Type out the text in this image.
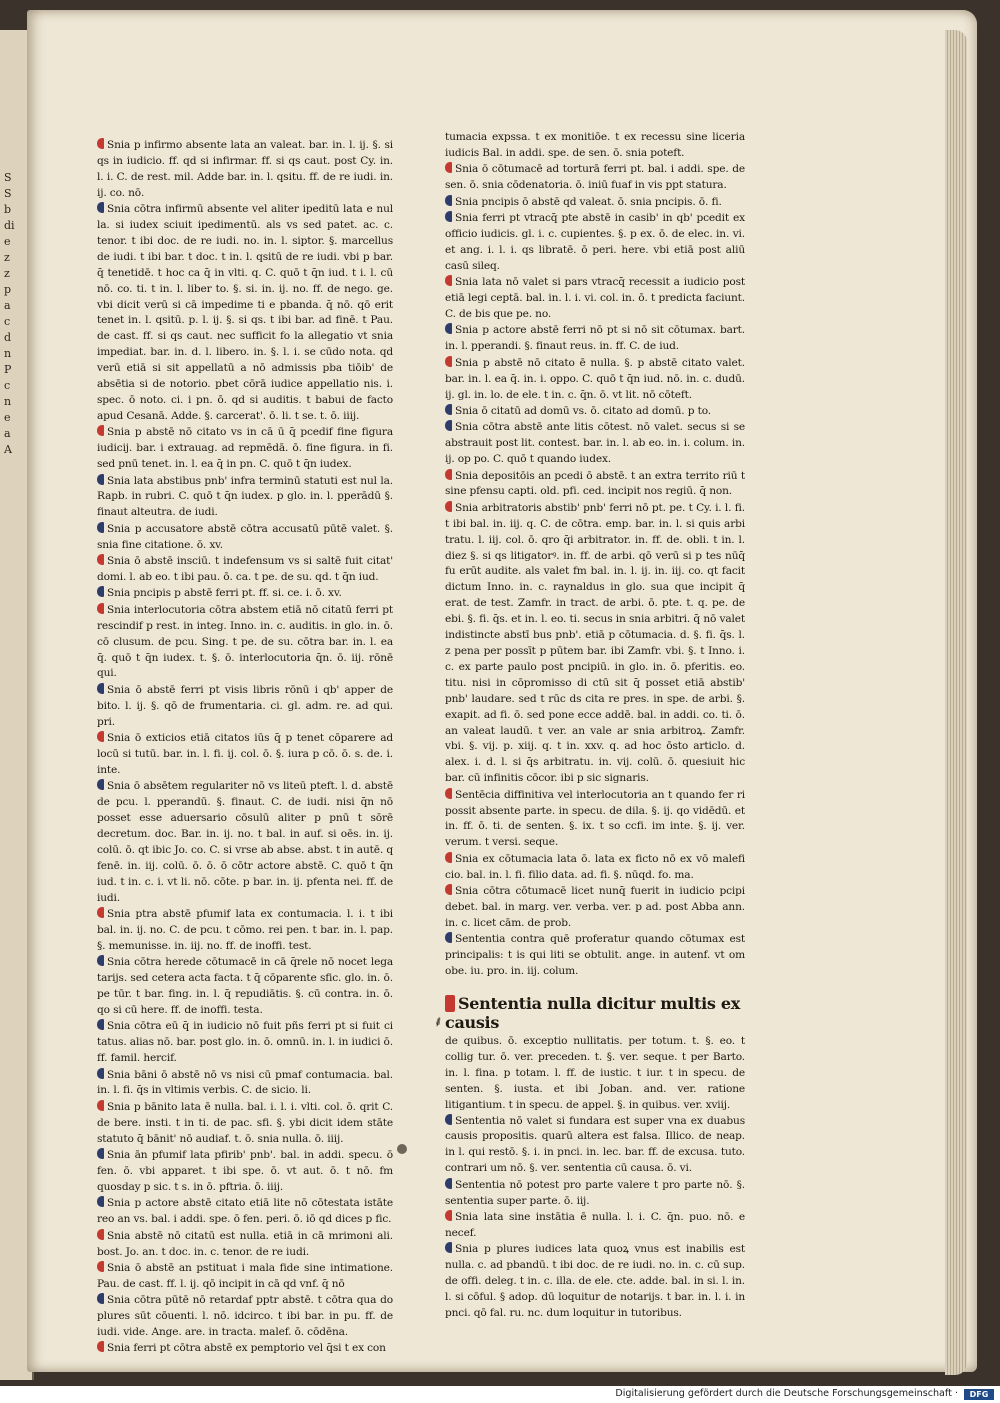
S
S
b
di
e
z
z
p
a
c
d
n
P
c
n
e
a
A

Snia p infirmo absente lata an valeat. bar. in. l. ij. §. si qs in iudicio. ff. qd si infirmar. ff. si qs caut. post Cy. in. l. i. C. de rest. mil. Adde bar. in. l. qsitu. ff. de re iudi. in. ij. co. nō.

Snia cōtra infirmū absente vel aliter ipeditū lata e nul la. si iudex sciuit ipedimentū. als vs sed patet. ac. c. tenor. t ibi doc. de re iudi. no. in. l. siptor. §. marcellus de iudi. t ibi bar. t doc. t in. l. qsitū de re iudi. vbi p bar. q̄ tenetidē. t hoc ca q̄ in vlti. q. C. quō t q̄n iud. t i. l. cū nō. co. ti. t in. l. liber to. §. si. in. ij. no. ff. de nego. ge. vbi dicit verū si cā impedime ti e pbanda. q̄ nō. qō erit tenet in. l. qsitū. p. l. ij. §. si qs. t ibi bar. ad finē. t Pau. de cast. ff. si qs caut. nec sufficit fo la allegatio vt snia impediat. bar. in. d. l. libero. in. §. l. i. se cūdo nota. qd verū etiā si sit appellatū a nō admissis pba tiōib' de absētia si de notorio. pbet cōrā iudice appellatio nis. i. spec. ō noto. ci. i pn. ō. qd si auditis. t babui de facto apud Cesanā. Adde. §. carcerat'. ō. li. t se. t. ō. iiij.

Snia p abstē nō citato vs in cā ū q̄ pcedif fine figura iudicij. bar. i extrauag. ad repmēdā. ō. fine figura. in fi. sed pnū tenet. in. l. ea q̄ in pn. C. quō t q̄n iudex.

Snia lata abstibus pnb' infra terminū statuti est nul la. Rapb. in rubri. C. quō t q̄n iudex. p glo. in. l. pperādū §. finaut alteutra. de iudi.

Snia p accusatore abstē cōtra accusatū pūtē valet. §. snia fine citatione. ō. xv.

Snia ō abstē insciū. t indefensum vs si saltē fuit citat' domi. l. ab eo. t ibi pau. ō. ca. t pe. de su. qd. t q̄n iud.

Snia pncipis p abstē ferri pt. ff. si. ce. i. ō. xv.

Snia interlocutoria cōtra abstem etiā nō citatū ferri pt rescindif p rest. in integ. Inno. in. c. auditis. in glo. in. ō. cō clusum. de pcu. Sing. t pe. de su. cōtra bar. in. l. ea q̄. quō t q̄n iudex. t. §. ō. interlocutoria q̄n. ō. iij. rōnē qui.

Snia ō abstē ferri pt visis libris rōnū i qb' apper de bito. l. ij. §. qō de frumentaria. ci. gl. adm. re. ad qui. pri.

Snia ō exticios etiā citatos iūs q̄ p tenet cōparere ad locū si tutū. bar. in. l. fi. ij. col. ō. §. iura p cō. ō. s. de. i. inte.

Snia ō absētem regulariter nō vs liteū pteft. l. d. abstē de pcu. l. pperandū. §. finaut. C. de iudi. nisi q̄n nō posset esse aduersario cōsulū aliter p pnū t sōrē decretum. doc. Bar. in. ij. no. t bal. in auf. si oēs. in. ij. colū. ō. qt ibic Jo. co. C. si vrse ab abse. abst. t in autē. q fenē. in. iij. colū. ō. ō. ō cōtr actore abstē. C. quō t q̄n iud. t in. c. i. vt li. nō. cōte. p bar. in. ij. pfenta nei. ff. de iudi.

Snia ptra abstē pfumif lata ex contumacia. l. i. t ibi bal. in. ij. no. C. de pcu. t cōmo. rei pen. t bar. in. l. pap. §. memunisse. in. iij. no. ff. de inoffi. test.

Snia cōtra herede cōtumacē in cā q̄rele nō nocet lega tarijs. sed cetera acta facta. t q̄ cōparente sfic. glo. in. ō. pe tūr. t bar. fing. in. l. q̄ repudiātis. §. cū contra. in. ō. qo si cū here. ff. de inoffi. testa.

Snia cōtra eū q̄ in iudicio nō fuit pñs ferri pt si fuit ci tatus. alias nō. bar. post glo. in. ō. omnū. in. l. in iudici ō. ff. famil. hercif.

Snia bāni ō abstē nō vs nisi cū pmaf contumacia. bal. in. l. fi. q̄s in vltimis verbis. C. de sicio. li.

Snia p bānito lata ē nulla. bal. i. l. i. vlti. col. ō. qrit C. de bere. insti. t in ti. de pac. sfi. §. ybi dicit idem stāte statuto q̄ bānit' nō audiaf. t. ō. snia nulla. ō. iiij.

Snia ān pfumif lata pfirib' pnb'. bal. in addi. specu. ō fen. ō. vbi apparet. t ibi spe. ō. vt aut. ō. t nō. fm quosday p sic. t s. in ō. pftria. ō. iiij.

Snia p actore abstē citato etiā lite nō cōtestata istāte reo an vs. bal. i addi. spe. ō fen. peri. ō. iō qd dices p fic.

Snia abstē nō citatū est nulla. etiā in cā mrimoni ali. bost. Jo. an. t doc. in. c. tenor. de re iudi.

Snia ō abstē an pstituat i mala fide sine intimatione. Pau. de cast. ff. l. ij. qō incipit in cā qd vnf. q̄ nō

Snia cōtra pūtē nō retardaf pptr abstē. t cōtra qua do plures sūt cōuenti. l. nō. idcirco. t ibi bar. in pu. ff. de iudi. vide. Ange. are. in tracta. malef. ō. cōdēna.

Snia ferri pt cōtra abstē ex pemptorio vel q̄si t ex con

tumacia expssa. t ex monitiōe. t ex recessu sine liceria iudicis Bal. in addi. spe. de sen. ō. snia poteft.

Snia ō cōtumacē ad torturā ferri pt. bal. i addi. spe. de sen. ō. snia cōdenatoria. ō. iniū fuaf in vis ppt statura.

Snia pncipis ō abstē qd valeat. ō. snia pncipis. ō. fi.

Snia ferri pt vtracq̄ pte abstē in casib' in qb' pcedit ex officio iudicis. gl. i. c. cupientes. §. p ex. ō. de elec. in. vi. et ang. i. l. i. qs libratē. ō peri. here. vbi etiā post aliū casū sileq.

Snia lata nō valet si pars vtracq̄ recessit a iudicio post etiā legi ceptā. bal. in. l. i. vi. col. in. ō. t predicta faciunt. C. de bis que pe. no.

Snia p actore abstē ferri nō pt si nō sit cōtumax. bart. in. l. pperandi. §. finaut reus. in. ff. C. de iud.

Snia p abstē nō citato ē nulla. §. p abstē citato valet. bar. in. l. ea q̄. in. i. oppo. C. quō t q̄n iud. nō. in. c. dudū. ij. gl. in. lo. de ele. t in. c. q̄n. ō. vt lit. nō cōteft.

Snia ō citatū ad domū vs. ō. citato ad domū. p to.

Snia cōtra abstē ante litis cōtest. nō valet. secus si se abstrauit post lit. contest. bar. in. l. ab eo. in. i. colum. in. ij. op po. C. quō t quando iudex.

Snia depositōis an pcedi ō abstē. t an extra territo riū t sine pfensu capti. old. pfi. ced. incipit nos regiū. q̄ non.

Snia arbitratoris abstib' pnb' ferri nō pt. pe. t Cy. i. l. fi. t ibi bal. in. iij. q. C. de cōtra. emp. bar. in. l. si quis arbi tratu. l. iij. col. ō. qro q̄i arbitrator. in. ff. de. obli. t in. l. diez §. si qs litigatorꝰ. in. ff. de arbi. qō verū si p tes nūq̄ fu erūt audite. als valet fm bal. in. l. ij. in. iij. co. qt facit dictum Inno. in. c. raynaldus in glo. sua que incipit q̄ erat. de test. Zamfr. in tract. de arbi. ō. pte. t. q. pe. de ebi. §. fi. q̄s. et in. l. eo. ti. secus in snia arbitri. q̄ nō valet indistincte abstī bus pnb'. etiā p cōtumacia. d. §. fi. q̄s. l. z pena per possīt p pūtem bar. ibi Zamfr. vbi. §. t Inno. i. c. ex parte paulo post pncipiū. in glo. in. ō. pferitis. eo. titu. nisi in cōpromisso di ctū sit q̄ posset etiā abstib' pnb' laudare. sed t rūc ds cita re pres. in spe. de arbi. §. exapit. ad fi. ō. sed pone ecce addē. bal. in addi. co. ti. ō. an valeat laudū. t ver. an vale ar snia arbitroꝝ. Zamfr. vbi. §. vij. p. xiij. q. t in. xxv. q. ad hoc ōsto articlo. d. alex. i. d. l. si q̄s arbitratu. in. vij. colū. ō. quesiuit hic bar. cū infinitis cōcor. ibi p sic signaris.

Sentēcia diffinitiva vel interlocutoria an t quando fer ri possit absente parte. in specu. de dila. §. ij. qo vidēdū. et in. ff. ō. ti. de senten. §. ix. t so ccfi. im inte. §. ij. ver. verum. t versi. seque.

Snia ex cōtumacia lata ō. lata ex ficto nō ex vō malefi cio. bal. in. l. fi. filio data. ad. fi. §. nūqd. fo. ma.

Snia cōtra cōtumacē licet nunq̄ fuerit in iudicio pcipi debet. bal. in marg. ver. verba. ver. p ad. post Abba ann. in. c. licet cām. de prob.

Sententia contra quē proferatur quando cōtumax est principalis: t is qui liti se obtulit. ange. in autenf. vt om obe. iu. pro. in. iij. colum.

Sententia nulla dicitur multis ex causis

de quibus. ō. exceptio nullitatis. per totum. t. §. eo. t collig tur. ō. ver. preceden. t. §. ver. seque. t per Barto. in. l. fina. p totam. l. ff. de iustic. t iur. t in specu. de senten. §. iusta. et ibi Joban. and. ver. ratione litigantium. t in specu. de appel. §. in quibus. ver. xviij.

Sententia nō valet si fundara est super vna ex duabus causis propositis. quarū altera est falsa. Illico. de neap. in l. qui restō. §. i. in pnci. in. lec. bar. ff. de excusa. tuto. contrari um nō. §. ver. sententia cū causa. ō. vi.

Sententia nō potest pro parte valere t pro parte nō. §. sententia super parte. ō. iij.

Snia lata sine instātia ē nulla. l. i. C. q̄n. puo. nō. e necef.

Snia p plures iudices lata quoꝝ vnus est inabilis est nulla. c. ad pbandū. t ibi doc. de re iudi. no. in. c. cū sup. de offi. deleg. t in. c. illa. de ele. cte. adde. bal. in si. l. in. l. si cōful. § adop. dū loquitur de notarijs. t bar. in. l. i. in pnci. qō fal. ru. nc. dum loquitur in tutoribus.

⸙
Digitalisierung gefördert durch die Deutsche Forschungsgemeinschaft ·	DFG
